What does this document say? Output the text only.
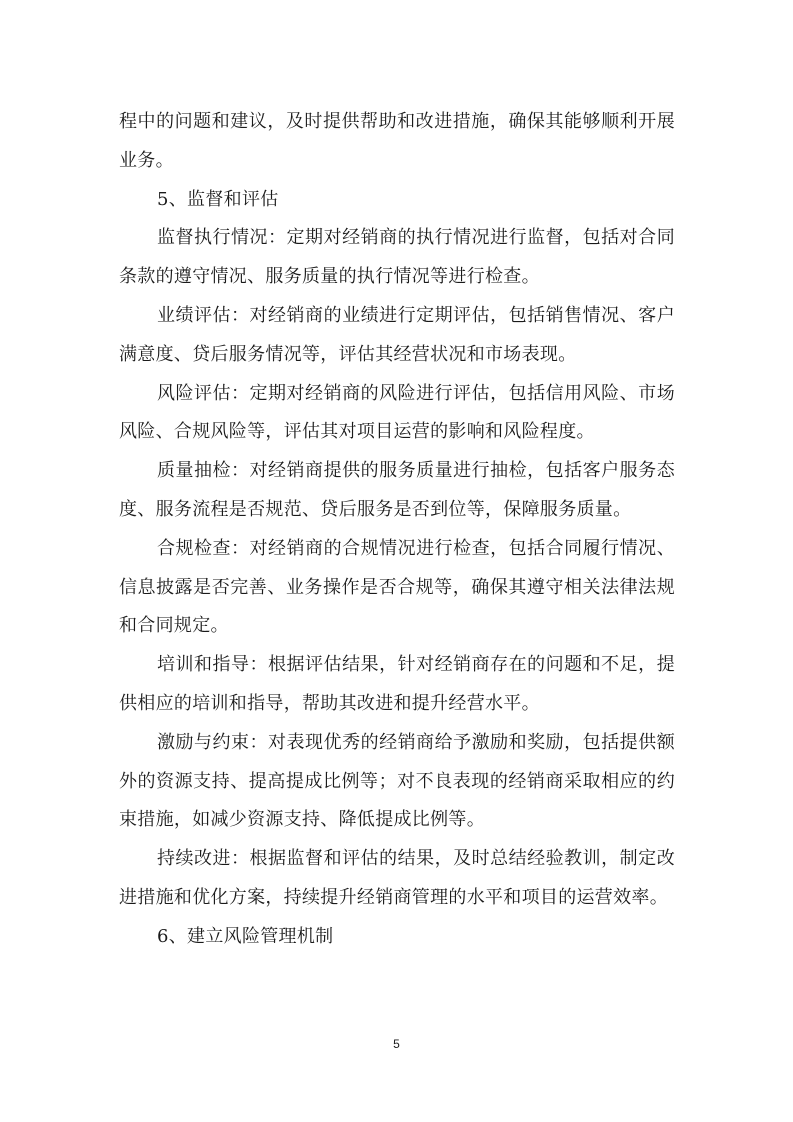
程中的问题和建议，及时提供帮助和改进措施，确保其能够顺利开展业务。

5、监督和评估

监督执行情况：定期对经销商的执行情况进行监督，包括对合同条款的遵守情况、服务质量的执行情况等进行检查。

业绩评估：对经销商的业绩进行定期评估，包括销售情况、客户满意度、贷后服务情况等，评估其经营状况和市场表现。

风险评估：定期对经销商的风险进行评估，包括信用风险、市场风险、合规风险等，评估其对项目运营的影响和风险程度。

质量抽检：对经销商提供的服务质量进行抽检，包括客户服务态度、服务流程是否规范、贷后服务是否到位等，保障服务质量。

合规检查：对经销商的合规情况进行检查，包括合同履行情况、信息披露是否完善、业务操作是否合规等，确保其遵守相关法律法规和合同规定。

培训和指导：根据评估结果，针对经销商存在的问题和不足，提供相应的培训和指导，帮助其改进和提升经营水平。

激励与约束：对表现优秀的经销商给予激励和奖励，包括提供额外的资源支持、提高提成比例等；对不良表现的经销商采取相应的约束措施，如减少资源支持、降低提成比例等。

持续改进：根据监督和评估的结果，及时总结经验教训，制定改进措施和优化方案，持续提升经销商管理的水平和项目的运营效率。

6、建立风险管理机制

5
